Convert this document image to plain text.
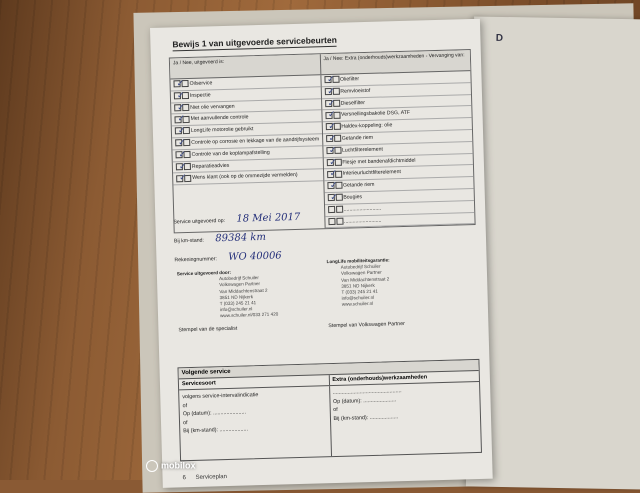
D
Bewijs 1 van uitgevoerde servicebeurten
Ja / Nee, uitgevoerd is:
Ja / Nee: Extra (onderhouds)werkzaamheden - Vervanging van:
✓ Oilservice
✓ Inspectie
✓ Niet olie vervangen
✓ Met aanvullende controle
✓ LongLife motorolie gebruikt
✓ Controle op corrosie en lekkage van de aandrijfsysteem
✓ Controle van de koplampafstelling
✓ Reparatieadvies
✓ Wens klant (ook op de ommezijde vermelden)
✓ Oliefilter
✓ Remvloeistof
✓ Dieselfilter
✓ Versnellingsbakolie DSG, ATF
✓ Haldex-koppeling: olie
✓ Getande riem
✓ Luchtfilterelement
✓ Flesje met bandenafdichtmiddel
✓ Interieurluchtfilterelement
✓ Getande riem
✓ Bougies
..........................
..........................
Service uitgevoerd op: 18 Mei 2017
Bij km-stand: 89384 km
Rekeningnummer: WO 40006
Service uitgevoerd door:
Autobedrijf Schuiler
Volkswagen Partner
Van Middachtenstraat 2
3851 ND Nijkerk
T (033) 245 21 41
info@schuiler.nl
www.schuiler.nl/033 271 420
LongLife mobiliteitsgarantie:
Autobedrijf Schuiler
Volkswagen Partner
Van Middachtenstraat 2
3851 ND Nijkerk
T (033) 245 21 41
info@schuiler.nl
www.schuiler.nl
Stempel van de specialist
Stempel van Volkswagen Partner
Volgende service
Servicesoort
Extra (onderhouds)werkzaamheden
volgens service-intervalindicatie
of
Op (datum): ......................
of
Bij (km-stand): ...................
..............................................
Op (datum): ......................
of
Bij (km-stand): ...................
6 Serviceplan
mobilox
